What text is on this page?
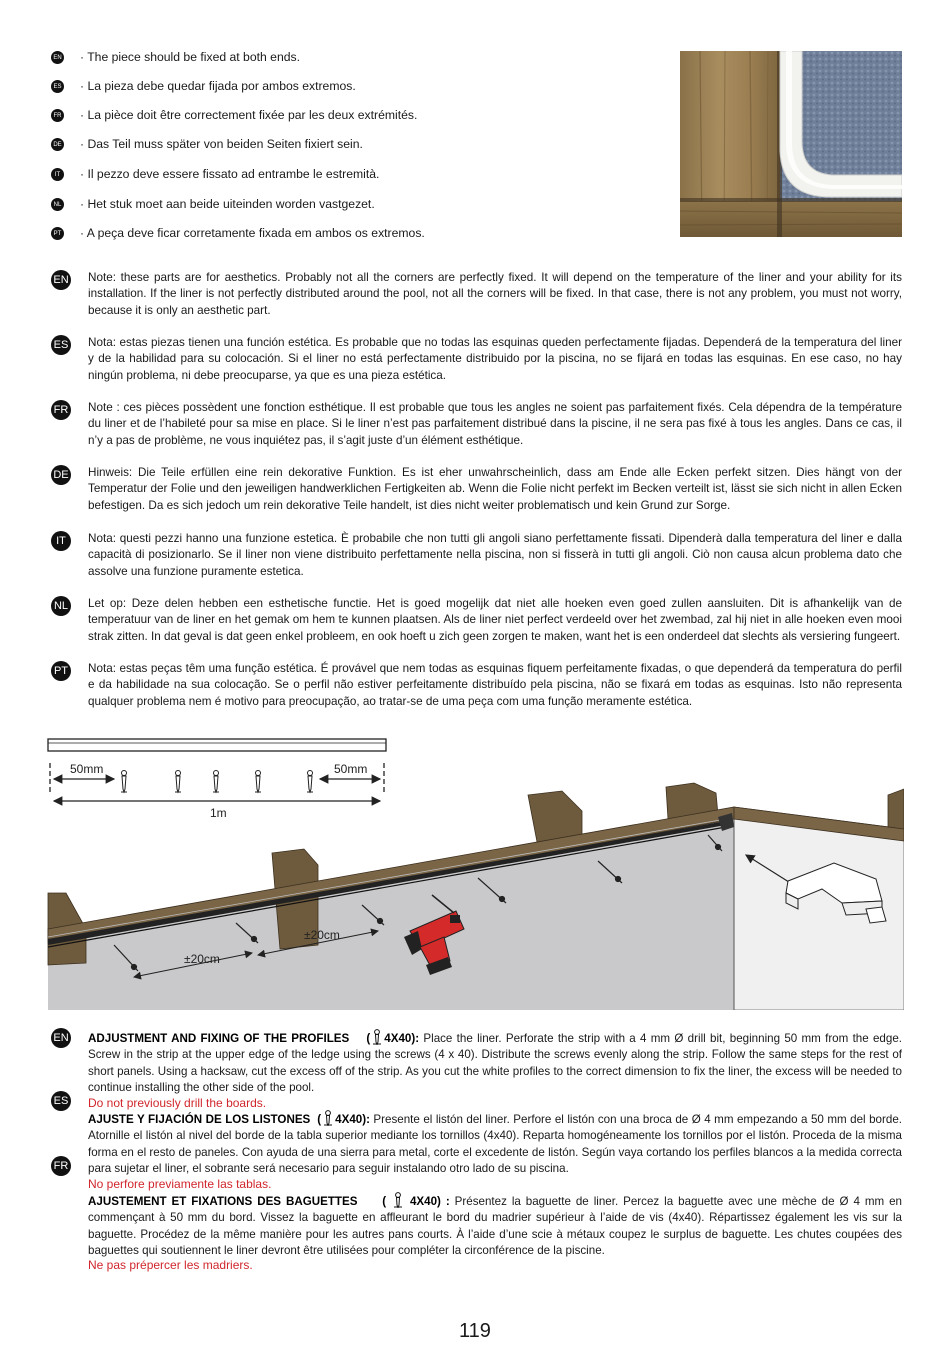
EN · The piece should be fixed at both ends.
ES · La pieza debe quedar fijada por ambos extremos.
FR · La pièce doit être correctement fixée par les deux extrémités.
DE · Das Teil muss später von beiden Seiten fixiert sein.
IT	· Il pezzo deve essere fissato ad entrambe le estremità.
NL · Het stuk moet aan beide uiteinden worden vastgezet.
PT · A peça deve ficar corretamente fixada em ambos os extremos.
EN Note: these parts are for aesthetics. Probably not all the corners are perfectly fixed. It will depend on the temperature of the liner and your ability for its installation. If the liner is not perfectly distributed around the pool, not all the corners will be fixed. In that case, there is not any problem, you must not worry, because it is only an aesthetic part.
ES Nota: estas piezas tienen una función estética. Es probable que no todas las esquinas queden perfectamente fijadas. Dependerá de la temperatura del liner y de la habilidad para su colocación. Si el liner no está perfectamente distribuido por la piscina, no se fijará en todas las esquinas. En ese caso, no hay ningún problema, ni debe preocuparse, ya que es una pieza estética.
FR Note : ces pièces possèdent une fonction esthétique. Il est probable que tous les angles ne soient pas parfaitement fixés. Cela dépendra de la température du liner et de l’habileté pour sa mise en place. Si le liner n’est pas parfaitement distribué dans la piscine, il ne sera pas fixé à tous les angles. Dans ce cas, il n’y a pas de problème, ne vous inquiétez pas, il s’agit juste d’un élément esthétique.
DE Hinweis: Die Teile erfüllen eine rein dekorative Funktion. Es ist eher unwahrscheinlich, dass am Ende alle Ecken perfekt sitzen. Dies hängt von der Temperatur der Folie und den jeweiligen handwerklichen Fertigkeiten ab. Wenn die Folie nicht perfekt im Becken verteilt ist, lässt sie sich nicht in allen Ecken befestigen. Da es sich jedoch um rein dekorative Teile handelt, ist dies nicht weiter problematisch und kein Grund zur Sorge.
IT	Nota: questi pezzi hanno una funzione estetica. È probabile che non tutti gli angoli siano perfettamente fissati. Dipenderà dalla temperatura del liner e dalla capacità di posizionarlo. Se il liner non viene distribuito perfettamente nella piscina, non si fisserà in tutti gli angoli. Ciò non causa alcun problema dato che assolve una funzione puramente estetica.
NL Let op: Deze delen hebben een esthetische functie. Het is goed mogelijk dat niet alle hoeken even goed zullen aansluiten. Dit is afhankelijk van de temperatuur van de liner en het gemak om hem te kunnen plaatsen. Als de liner niet perfect verdeeld over het zwembad, zal hij niet in alle hoeken even mooi strak zitten. In dat geval is dat geen enkel probleem, en ook hoeft u zich geen zorgen te maken, want het is een onderdeel dat slechts als versiering fungeert.
PT Nota: estas peças têm uma função estética. É provável que nem todas as esquinas fiquem perfeitamente fixadas, o que dependerá da temperatura do perfil e da habilidade na sua colocação. Se o perfil não estiver perfeitamente distribuído pela piscina, não se fixará em todas as esquinas. Isto não representa qualquer problema nem é motivo para preocupação, ao tratar-se de uma peça com uma função meramente estética.
50mm	50mm
1m
±20cm
±20cm
EN ADJUSTMENT AND FIXING OF THE PROFILES ( 4X40): Place the liner. Perforate the strip with a 4 mm Ø drill bit, beginning 50 mm from the edge. Screw in the strip at the upper edge of the ledge using the screws (4 x 40). Distribute the screws evenly along the strip. Follow the same steps for the rest of short panels. Using a hacksaw, cut the excess off of the strip. As you cut the white profiles to the correct dimension to fix the liner, the excess will be needed to continue installing the other side of the pool.
Do not previously drill the boards.
ES
AJUSTE Y FIJACIÓN DE LOS LISTONES ( 4X40): Presente el listón del liner. Perfore el listón con una broca de Ø 4 mm empezando a 50 mm del borde. Atornille el listón al nivel del borde de la tabla superior mediante los tornillos (4x40). Reparta homogéneamente los tornillos por el listón. Proceda de la misma forma en el resto de paneles. Con ayuda de una sierra para metal, corte el excedente de listón. Según vaya cortando los perfiles blancos a la medida correcta para sujetar el liner, el sobrante será necesario para seguir instalando otro lado de su piscina.
No perfore previamente las tablas.
FR
AJUSTEMENT ET FIXATIONS DES BAGUETTES ( 4X40) : Présentez la baguette de liner. Percez la baguette avec une mèche de Ø 4 mm en commençant à 50 mm du bord. Vissez la baguette en affleurant le bord du madrier supérieur à l’aide de vis (4x40). Répartissez également les vis sur la baguette. Procédez de la même manière pour les autres pans courts. À l’aide d’une scie à métaux coupez le surplus de baguette. Les chutes coupées des baguettes qui soutiennent le liner devront être utilisées pour compléter la circonférence de la piscine.
Ne pas prépercer les madriers.
119
